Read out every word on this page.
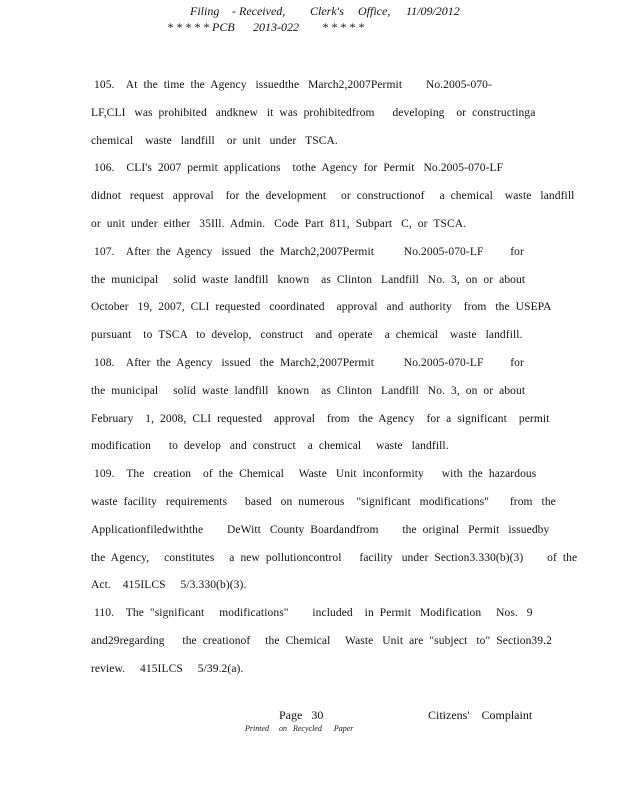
Filing

- Received,

Clerk's

Office,

11/09/2012

* * * * * PCB

2013-022

* * * * *

105.    At  the  time  the  Agency   issuedthe   March2,2007Permit        No.2005-070-
LF,CLI   was  prohibited   andknew   it  was  prohibitedfrom      developing    or  constructinga
chemical    waste   landfill    or  unit   under   TSCA.
106.    CLI's  2007  permit  applications    tothe  Agency  for  Permit   No.2005-070-LF
didnot   request   approval    for  the  development     or  constructionof     a  chemical    waste   landfill
or  unit  under  either   35Ill.  Admin.   Code  Part  811,  Subpart   C,  or  TSCA.
107.    After  the  Agency   issued   the  March2,2007Permit          No.2005-070-LF         for
the  municipal     solid  waste  landfill   known    as  Clinton   Landfill   No.  3,  on  or  about
October   19,  2007,  CLI  requested   coordinated    approval   and  authority    from   the  USEPA
pursuant    to  TSCA   to  develop,   construct    and  operate    a  chemical    waste   landfill.
108.    After  the  Agency   issued   the  March2,2007Permit          No.2005-070-LF         for
the  municipal     solid  waste  landfill   known    as  Clinton   Landfill   No.  3,  on  or  about
February    1,  2008,  CLI  requested    approval    from   the  Agency    for  a  significant    permit
modification      to  develop   and  construct    a  chemical     waste   landfill.
109.    The   creation    of  the  Chemical     Waste   Unit  inconformity      with  the  hazardous
waste  facility   requirements      based   on  numerous    "significant   modifications"       from   the
Applicationfiledwiththe        DeWitt   County  Boardandfrom        the  original   Permit   issuedby
the  Agency,     constitutes     a  new  pollutioncontrol      facility   under  Section3.330(b)(3)        of  the
Act.    415ILCS     5/3.330(b)(3).
110.    The  "significant     modifications"        included    in  Permit   Modification     Nos.   9
and29regarding      the  creationof     the  Chemical     Waste   Unit  are  "subject   to"  Section39.2
review.     415ILCS     5/39.2(a).
Page   30	Citizens'    Complaint
Printed     on   Recycled      Paper
